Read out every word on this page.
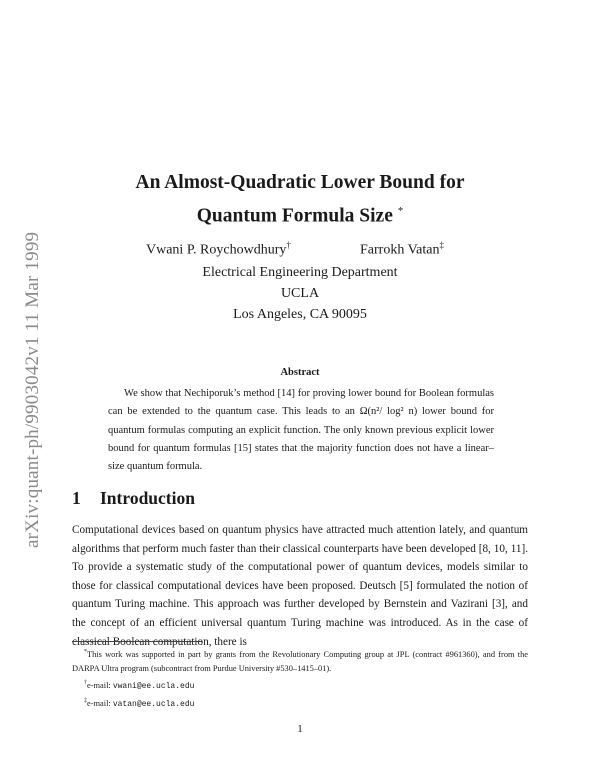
arXiv:quant-ph/9903042v1 11 Mar 1999
An Almost-Quadratic Lower Bound for
Quantum Formula Size *
Vwani P. Roychowdhury†	Farrokh Vatan‡
Electrical Engineering Department
UCLA
Los Angeles, CA 90095
Abstract
We show that Nechiporuk’s method [14] for proving lower bound for Boolean formulas can be extended to the quantum case. This leads to an Ω(n²/ log² n) lower bound for quantum formulas computing an explicit function. The only known previous explicit lower bound for quantum formulas [15] states that the majority function does not have a linear–size quantum formula.
1 Introduction
Computational devices based on quantum physics have attracted much attention lately, and quantum algorithms that perform much faster than their classical counterparts have been developed [8, 10, 11]. To provide a systematic study of the computational power of quantum devices, models similar to those for classical computational devices have been proposed. Deutsch [5] formulated the notion of quantum Turing machine. This approach was further developed by Bernstein and Vazirani [3], and the concept of an efficient universal quantum Turing machine was introduced. As in the case of classical Boolean computation, there is
*This work was supported in part by grants from the Revolutionary Computing group at JPL (contract #961360), and from the DARPA Ultra program (subcontract from Purdue University #530–1415–01).
†e-mail: vwani@ee.ucla.edu
‡e-mail: vatan@ee.ucla.edu
1
